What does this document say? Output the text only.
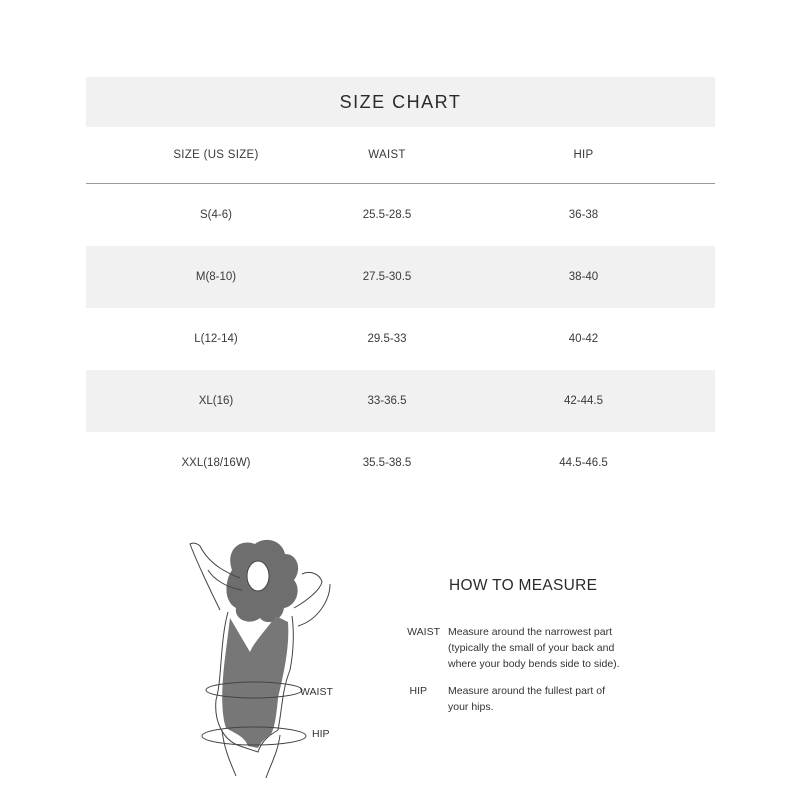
SIZE CHART
SIZE (US SIZE)	WAIST	HIP
S(4-6)	25.5-28.5	36-38
M(8-10)	27.5-30.5	38-40
L(12-14)	29.5-33	40-42
XL(16)	33-36.5	42-44.5
XXL(18/16W)	35.5-38.5	44.5-46.5
WAIST
HIP
HOW TO MEASURE
WAIST Measure around the narrowest part
(typically the small of your back and
where your body bends side to side).
HIP Measure around the fullest part of
your hips.
